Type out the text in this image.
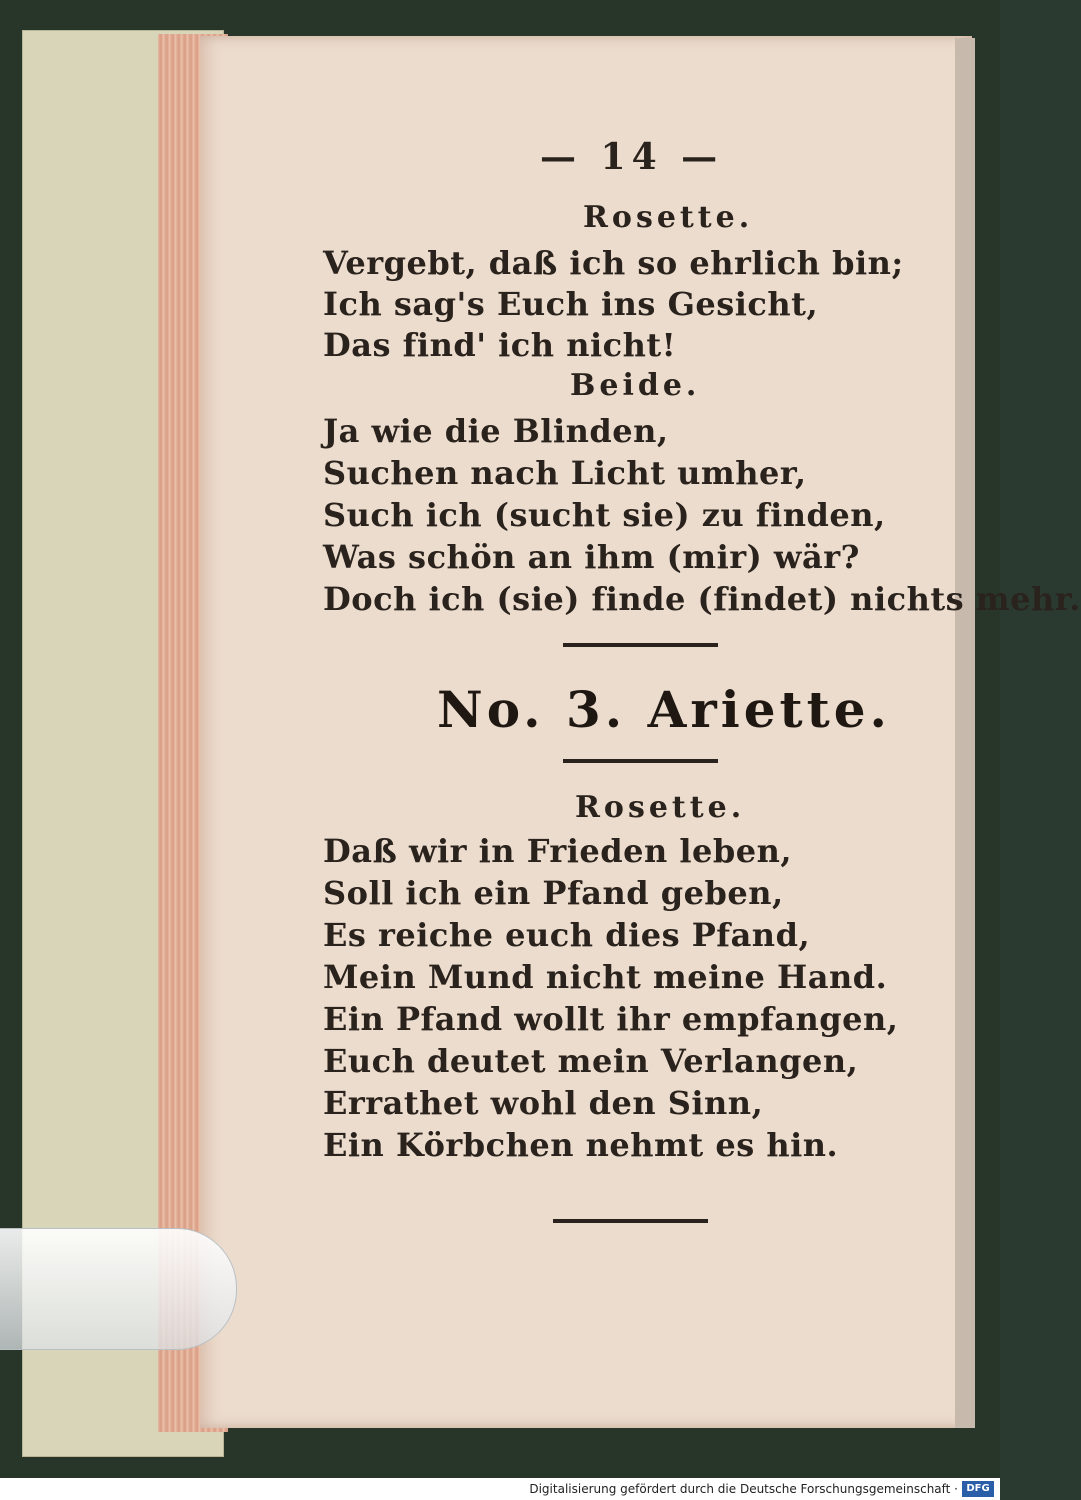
— 14 —
Rosette.
Vergebt, daß ich so ehrlich bin;
Ich sag's Euch ins Gesicht,
Das find' ich nicht!
Beide.
Ja wie die Blinden,
Suchen nach Licht umher,
Such ich (sucht sie) zu finden,
Was schön an ihm (mir) wär?
Doch ich (sie) finde (findet) nichts mehr.
No. 3. Ariette.
Rosette.
Daß wir in Frieden leben,
Soll ich ein Pfand geben,
Es reiche euch dies Pfand,
Mein Mund nicht meine Hand.
Ein Pfand wollt ihr empfangen,
Euch deutet mein Verlangen,
Errathet wohl den Sinn,
Ein Körbchen nehmt es hin.
Digitalisierung gefördert durch die Deutsche Forschungsgemeinschaft · DFG
